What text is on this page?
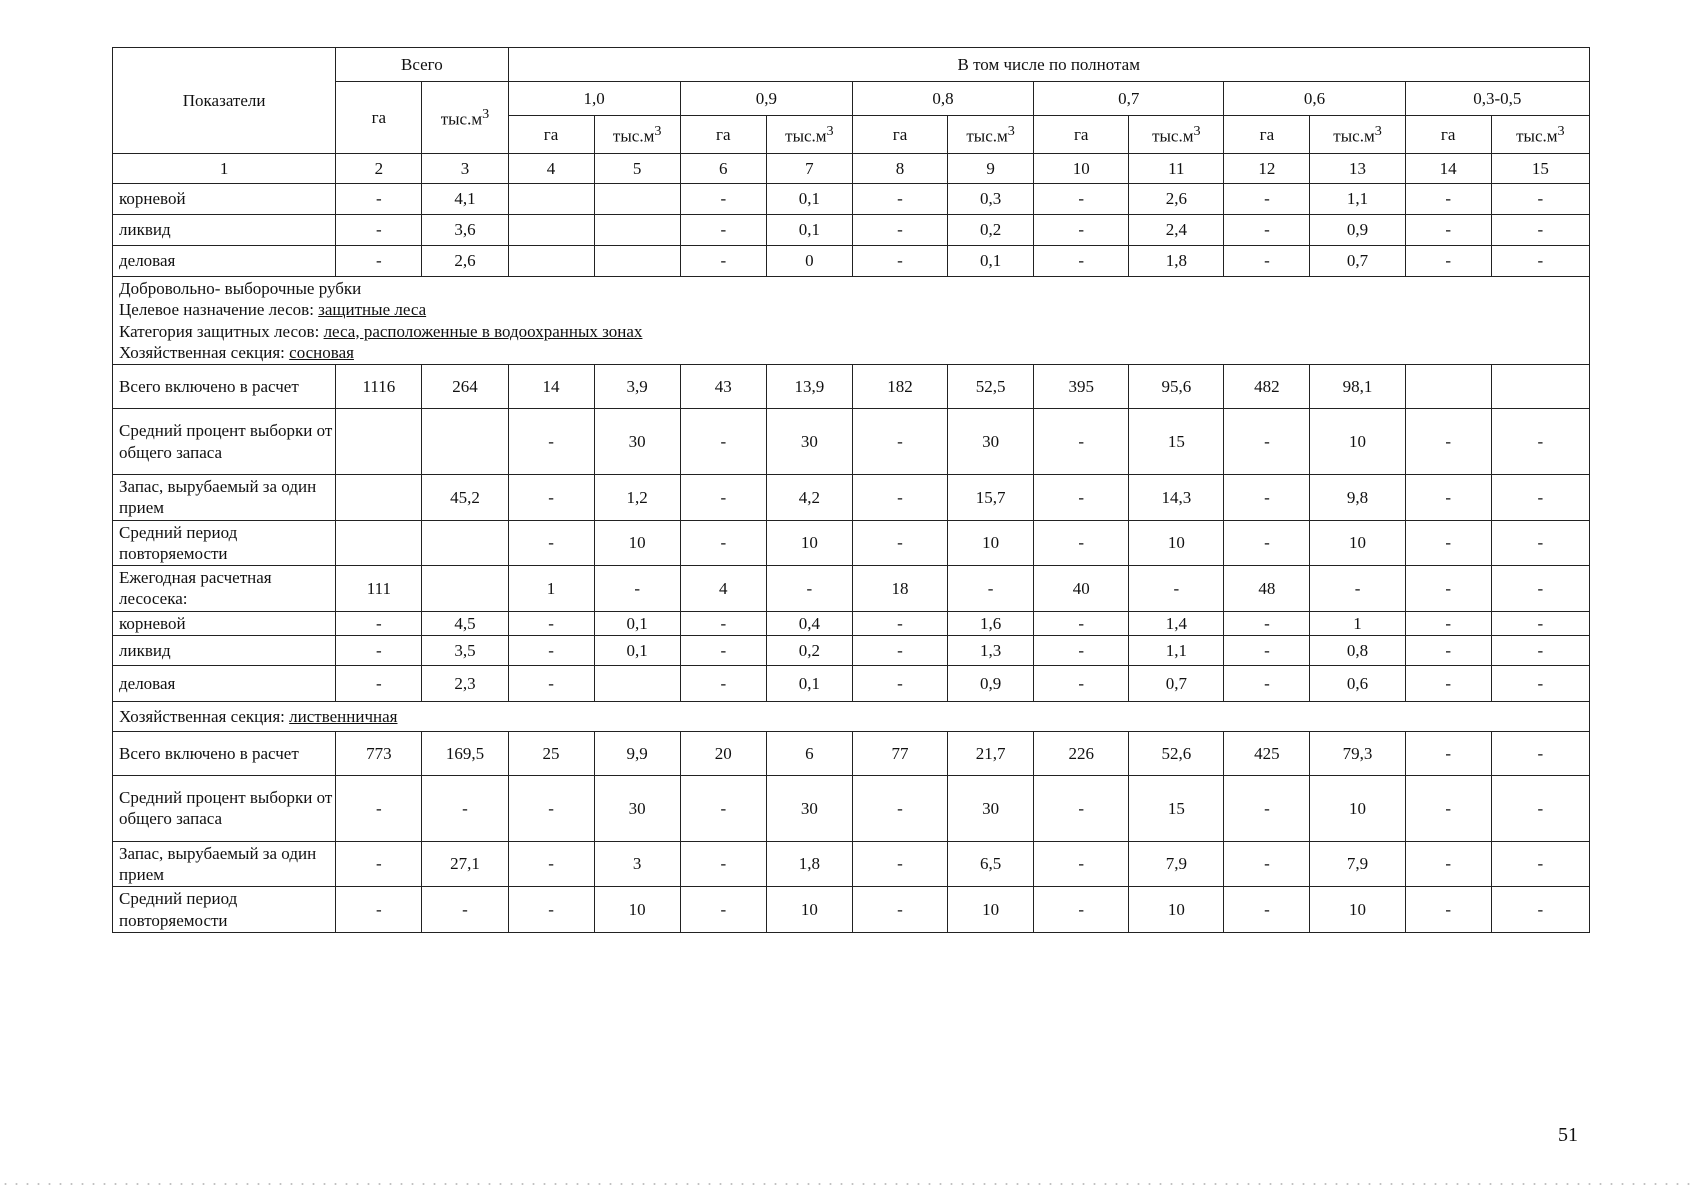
Показатели	Всего		В том числе по полнотам											
	га	$тыс.м^3$	1,0		0,9		0,8		0,7		0,6		0,3-0,5	
			га	$тыс.м^3$	га	$тыс.м^3$	га	$тыс.м^3$	га	$тыс.м^3$	га	$тыс.м^3$	га	$тыс.м^3$
1	2	3	4	5	6	7	8	9	10	11	12	13	14	15
корневой	-	4,1			-	0,1	-	0,3	-	2,6	-	1,1	-	-
ликвид	-	3,6			-	0,1	-	0,2	-	2,4	-	0,9	-	-
деловая	-	2,6			-	0	-	0,1	-	1,8	-	0,7	-	-

Добровольно- выборочные рубки
Целевое назначение лесов: защитные леса
Категория защитных лесов: леса, расположенные в водоохранных зонах
Хозяйственная секция: сосновая														

Всего включено в расчет	1116	264	14	3,9	43	13,9	182	52,5	395	95,6	482	98,1		
Средний процент выборки от общего запаса			-	30	-	30	-	30	-	15	-	10	-	-
Запас, вырубаемый за один прием		45,2	-	1,2	-	4,2	-	15,7	-	14,3	-	9,8	-	-
Средний период повторяемости			-	10	-	10	-	10	-	10	-	10	-	-
Ежегодная расчетная лесосека:	111		1	-	4	-	18	-	40	-	48	-	-	-
корневой	-	4,5	-	0,1	-	0,4	-	1,6	-	1,4	-	1	-	-
ликвид	-	3,5	-	0,1	-	0,2	-	1,3	-	1,1	-	0,8	-	-
деловая	-	2,3	-		-	0,1	-	0,9	-	0,7	-	0,6	-	-
Хозяйственная секция: лиственничная														
Всего включено в расчет	773	169,5	25	9,9	20	6	77	21,7	226	52,6	425	79,3	-	-
Средний процент выборки от общего запаса	-	-	-	30	-	30	-	30	-	15	-	10	-	-
Запас, вырубаемый за один прием	-	27,1	-	3	-	1,8	-	6,5	-	7,9	-	7,9	-	-
Средний период повторяемости	-	-	-	10	-	10	-	10	-	10	-	10	-	-
51
